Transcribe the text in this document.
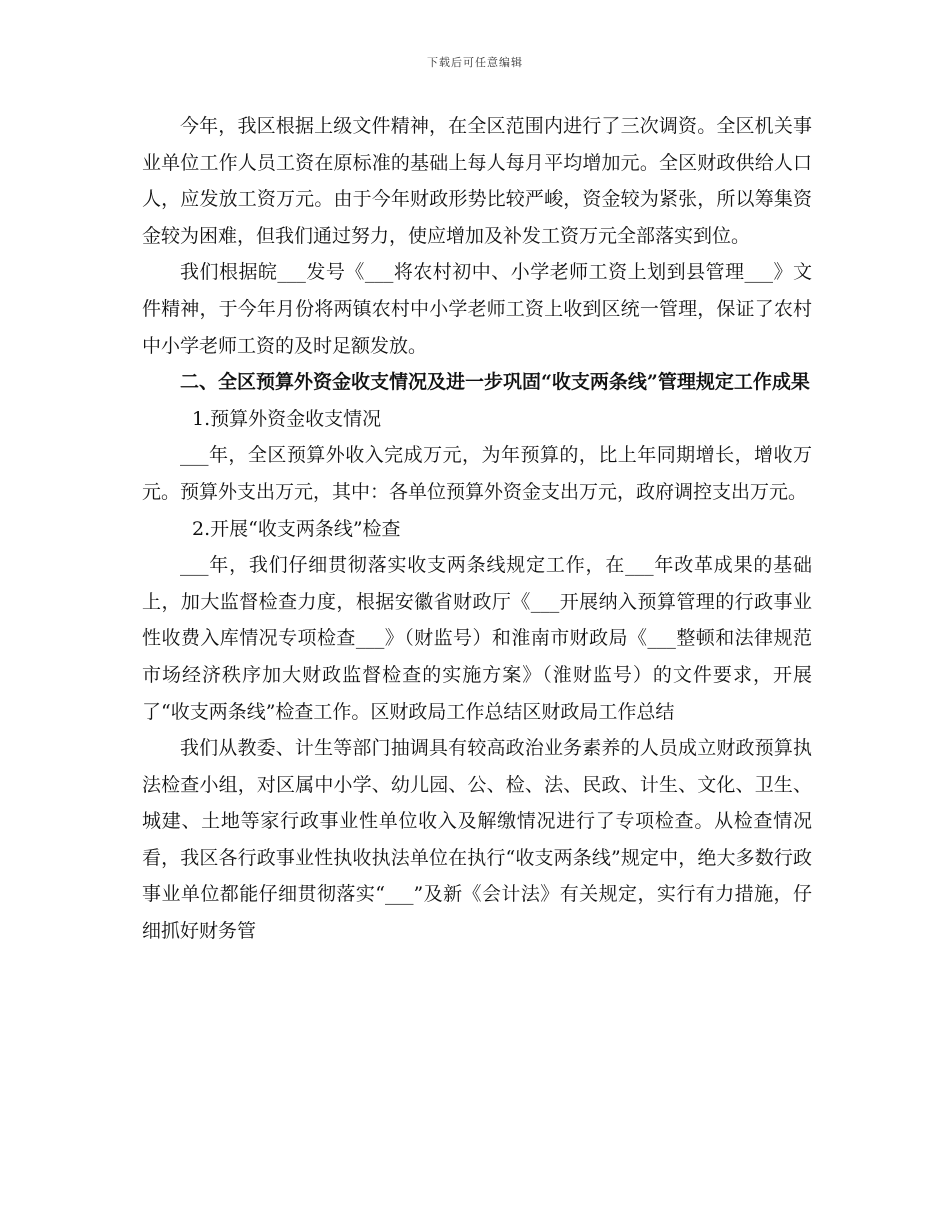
下载后可任意编辑

今年，我区根据上级文件精神，在全区范围内进行了三次调资。全区机关事业单位工作人员工资在原标准的基础上每人每月平均增加元。全区财政供给人口人，应发放工资万元。由于今年财政形势比较严峻，资金较为紧张，所以筹集资金较为困难，但我们通过努力，使应增加及补发工资万元全部落实到位。

我们根据皖___发号《___将农村初中、小学老师工资上划到县管理___》文件精神，于今年月份将两镇农村中小学老师工资上收到区统一管理，保证了农村中小学老师工资的及时足额发放。

二、全区预算外资金收支情况及进一步巩固“收支两条线”管理规定工作成果

1.预算外资金收支情况

___年，全区预算外收入完成万元，为年预算的，比上年同期增长，增收万元。预算外支出万元，其中：各单位预算外资金支出万元，政府调控支出万元。

2.开展“收支两条线”检查

___年，我们仔细贯彻落实收支两条线规定工作，在___年改革成果的基础上，加大监督检查力度，根据安徽省财政厅《___开展纳入预算管理的行政事业性收费入库情况专项检查___》（财监号）和淮南市财政局《___整顿和法律规范市场经济秩序加大财政监督检查的实施方案》（淮财监号）的文件要求，开展了“收支两条线”检查工作。区财政局工作总结区财政局工作总结

我们从教委、计生等部门抽调具有较高政治业务素养的人员成立财政预算执法检查小组，对区属中小学、幼儿园、公、检、法、民政、计生、文化、卫生、城建、土地等家行政事业性单位收入及解缴情况进行了专项检查。从检查情况看，我区各行政事业性执收执法单位在执行“收支两条线”规定中，绝大多数行政事业单位都能仔细贯彻落实“___”及新《会计法》有关规定，实行有力措施，仔细抓好财务管
